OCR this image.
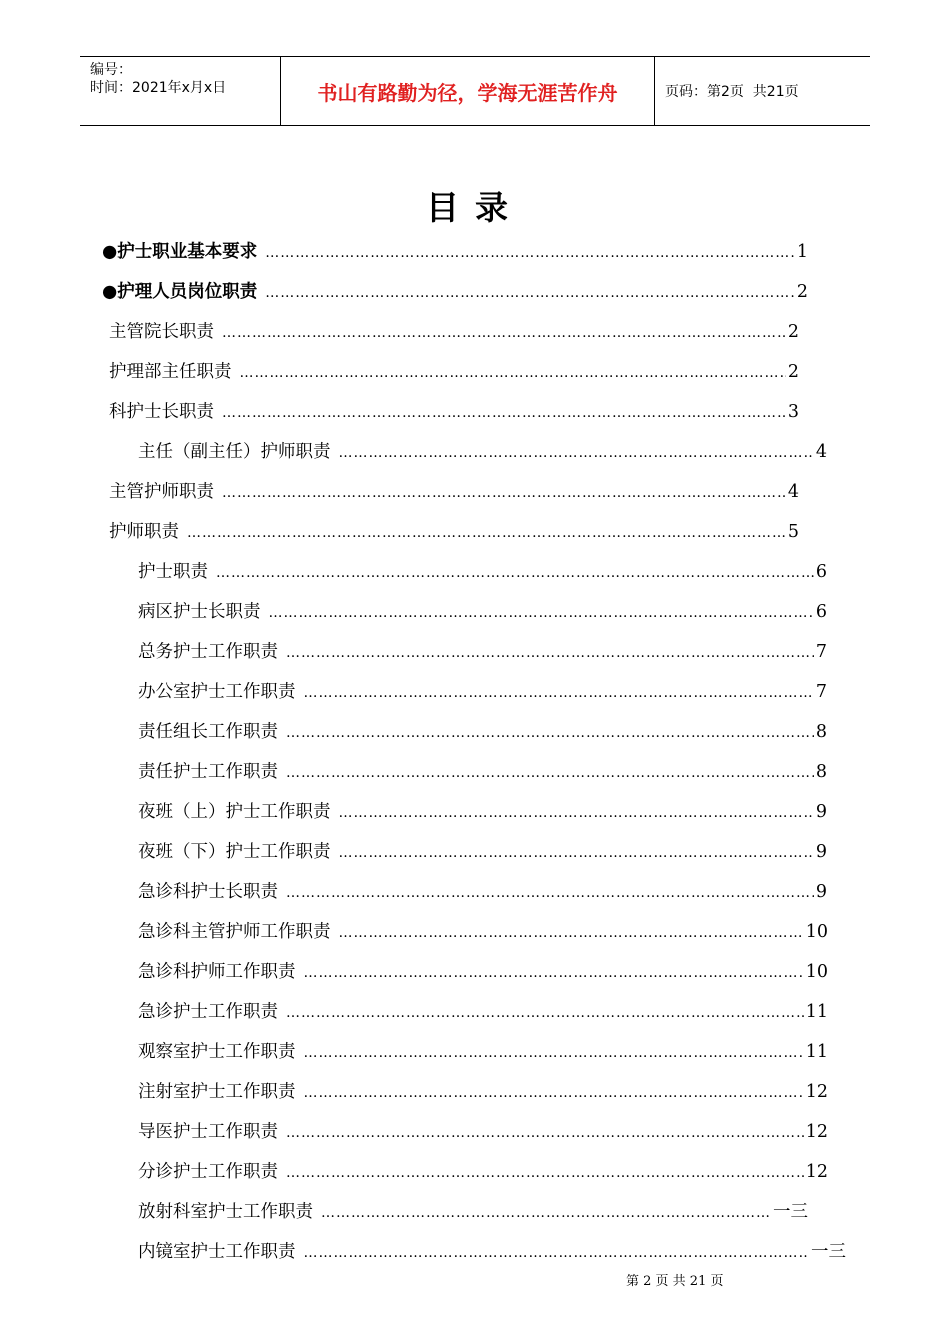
编号：
时间：2021年x月x日	书山有路勤为径，学海无涯苦作舟	页码：第2页  共21页
目录
●护士职业基本要求 ……………………………………………………………………………………………………………………………………………………………………………………………………………………	1
●护理人员岗位职责 ……………………………………………………………………………………………………………………………………………………………………………………………………………………	2
主管院长职责 ……………………………………………………………………………………………………………………………………………………………………………………………………………………	2
护理部主任职责 ……………………………………………………………………………………………………………………………………………………………………………………………………………………	2
科护士长职责 ……………………………………………………………………………………………………………………………………………………………………………………………………………………	3
主任（副主任）护师职责 ……………………………………………………………………………………………………………………………………………………………………………………………………………………	4
主管护师职责 ……………………………………………………………………………………………………………………………………………………………………………………………………………………	4
护师职责 ……………………………………………………………………………………………………………………………………………………………………………………………………………………	5
护士职责 ……………………………………………………………………………………………………………………………………………………………………………………………………………………	6
病区护士长职责 ……………………………………………………………………………………………………………………………………………………………………………………………………………………	6
总务护士工作职责 ……………………………………………………………………………………………………………………………………………………………………………………………………………………	7
办公室护士工作职责 ……………………………………………………………………………………………………………………………………………………………………………………………………………………	7
责任组长工作职责 ……………………………………………………………………………………………………………………………………………………………………………………………………………………	8
责任护士工作职责 ……………………………………………………………………………………………………………………………………………………………………………………………………………………	8
夜班（上）护士工作职责 ……………………………………………………………………………………………………………………………………………………………………………………………………………………	9
夜班（下）护士工作职责 ……………………………………………………………………………………………………………………………………………………………………………………………………………………	9
急诊科护士长职责 ……………………………………………………………………………………………………………………………………………………………………………………………………………………	9
急诊科主管护师工作职责 ……………………………………………………………………………………………………………………………………………………………………………………………………………………	10
急诊科护师工作职责 ……………………………………………………………………………………………………………………………………………………………………………………………………………………	10
急诊护士工作职责 ……………………………………………………………………………………………………………………………………………………………………………………………………………………	11
观察室护士工作职责 ……………………………………………………………………………………………………………………………………………………………………………………………………………………	11
注射室护士工作职责 ……………………………………………………………………………………………………………………………………………………………………………………………………………………	12
导医护士工作职责 ……………………………………………………………………………………………………………………………………………………………………………………………………………………	12
分诊护士工作职责 ……………………………………………………………………………………………………………………………………………………………………………………………………………………	12
放射科室护士工作职责 ……………………………………………………………………………………………………………………………………………………………………………………………………………………	一三
内镜室护士工作职责 ……………………………………………………………………………………………………………………………………………………………………………………………………………………	一三
第 2 页 共 21 页
